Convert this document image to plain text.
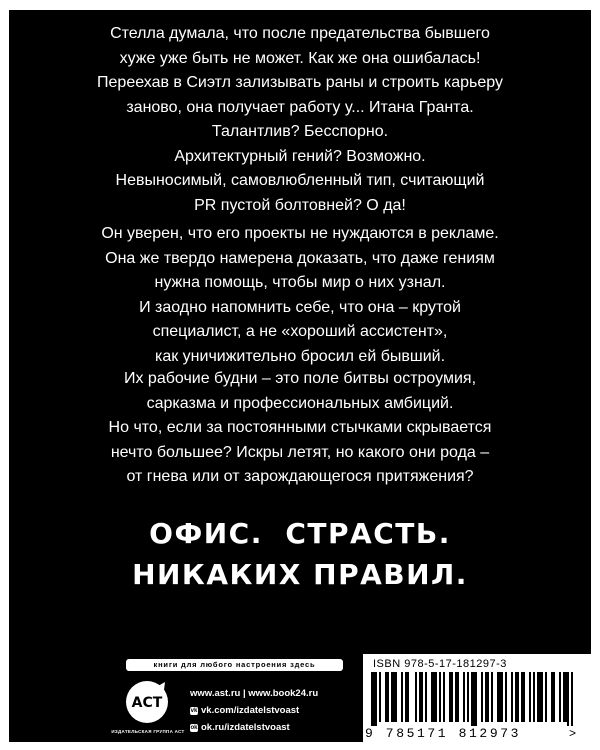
Стелла думала, что после предательства бывшего
хуже уже быть не может. Как же она ошибалась!
Переехав в Сиэтл зализывать раны и строить карьеру
заново, она получает работу у... Итана Гранта.
Талантлив? Бесспорно.
Архитектурный гений? Возможно.
Невыносимый, самовлюбленный тип, считающий
PR пустой болтовней? О да!
Он уверен, что его проекты не нуждаются в рекламе.
Она же твердо намерена доказать, что даже гениям
нужна помощь, чтобы мир о них узнал.
И заодно напомнить себе, что она – крутой
специалист, а не «хороший ассистент»,
как уничижительно бросил ей бывший.
Их рабочие будни – это поле битвы остроумия,
сарказма и профессиональных амбиций.
Но что, если за постоянными стычками скрывается
нечто большее? Искры летят, но какого они рода –
от гнева или от зарождающегося притяжения?
ОФИС.  СТРАСТЬ.
НИКАКИХ ПРАВИЛ.
книги для любого настроения здесь
ACT
ИЗДАТЕЛЬСКАЯ ГРУППА АСТ
www.ast.ru | www.book24.ru
vk vk.com/izdatelstvoast
ok ok.ru/izdatelstvoast
ISBN 978-5-17-181297-3
9 785171 812973	>
